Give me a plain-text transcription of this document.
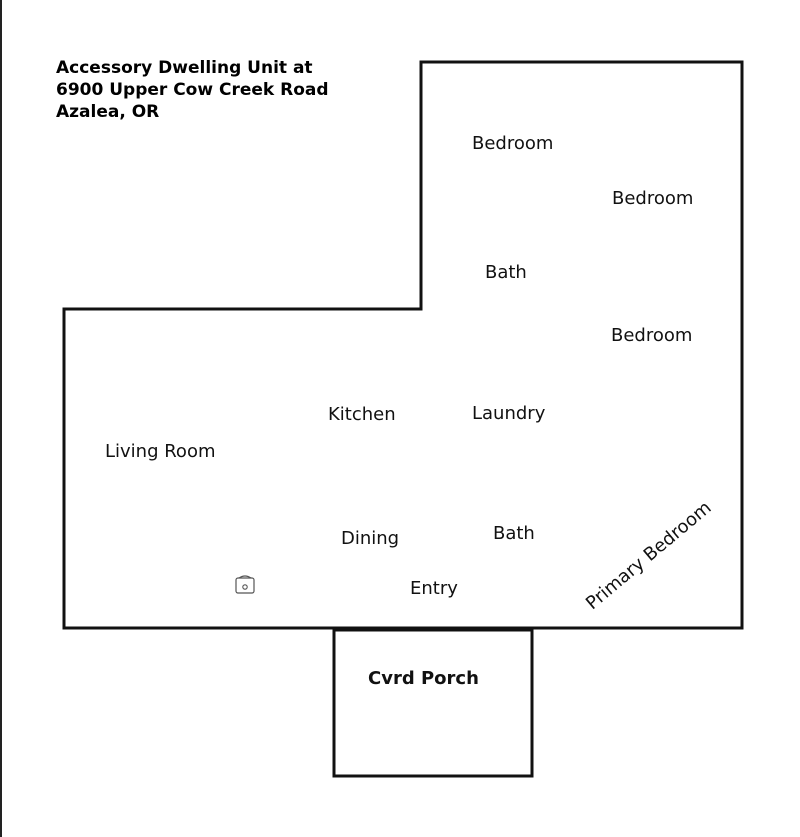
Accessory Dwelling Unit at
6900 Upper Cow Creek Road
Azalea, OR
Bedroom
Bedroom
Bath
Bedroom
Kitchen	Laundry
Living Room
Dining	Bath
Entry	Primary Bedroom
Cvrd Porch
